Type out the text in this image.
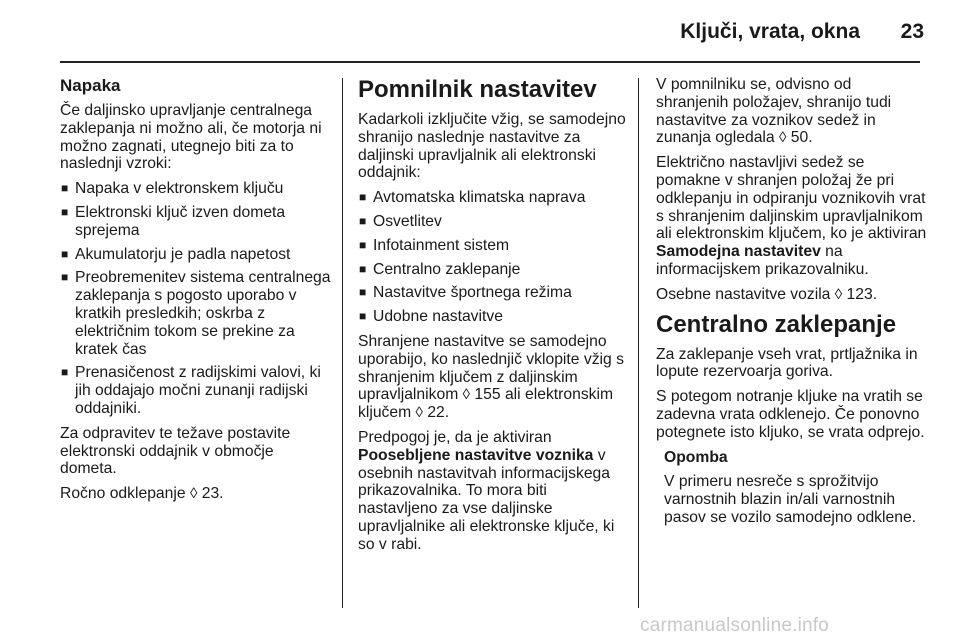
Ključi, vrata, okna	23

Napaka

Če daljinsko upravljanje centralnega zaklepanja ni možno ali, če motorja ni možno zagnati, utegnejo biti za to naslednji vzroki:

■ Napaka v elektronskem ključu
■ Elektronski ključ izven dometa sprejema
■ Akumulatorju je padla napetost
■ Preobremenitev sistema centralnega zaklepanja s pogosto uporabo v kratkih presledkih; oskrba z električnim tokom se prekine za kratek čas
■ Prenasičenost z radijskimi valovi, ki jih oddajajo močni zunanji radijski oddajniki.

Za odpravitev te težave postavite elektronski oddajnik v območje dometa.

Ročno odklepanje ◊ 23.

Pomnilnik nastavitev

Kadarkoli izključite vžig, se samodejno shranijo naslednje nastavitve za daljinski upravljalnik ali elektronski oddajnik:

■ Avtomatska klimatska naprava
■ Osvetlitev
■ Infotainment sistem
■ Centralno zaklepanje
■ Nastavitve športnega režima
■ Udobne nastavitve

Shranjene nastavitve se samodejno uporabijo, ko naslednjič vklopite vžig s shranjenim ključem z daljinskim upravljalnikom ◊ 155 ali elektronskim ključem ◊ 22.

Predpogoj je, da je aktiviran Poosebljene nastavitve voznika v osebnih nastavitvah informacijskega prikazovalnika. To mora biti nastavljeno za vse daljinske upravljalnike ali elektronske ključe, ki so v rabi.

V pomnilniku se, odvisno od shranjenih položajev, shranijo tudi nastavitve za voznikov sedež in zunanja ogledala ◊ 50.

Električno nastavljivi sedež se pomakne v shranjen položaj že pri odklepanju in odpiranju voznikovih vrat s shranjenim daljinskim upravljalnikom ali elektronskim ključem, ko je aktiviran Samodejna nastavitev na informacijskem prikazovalniku.

Osebne nastavitve vozila ◊ 123.

Centralno zaklepanje

Za zaklepanje vseh vrat, prtljažnika in lopute rezervoarja goriva.

S potegom notranje kljuke na vratih se zadevna vrata odklenejo. Če ponovno potegnete isto kljuko, se vrata odprejo.

Opomba

V primeru nesreče s sprožitvijo varnostnih blazin in/ali varnostnih pasov se vozilo samodejno odklene.

carmanualsonline.info
